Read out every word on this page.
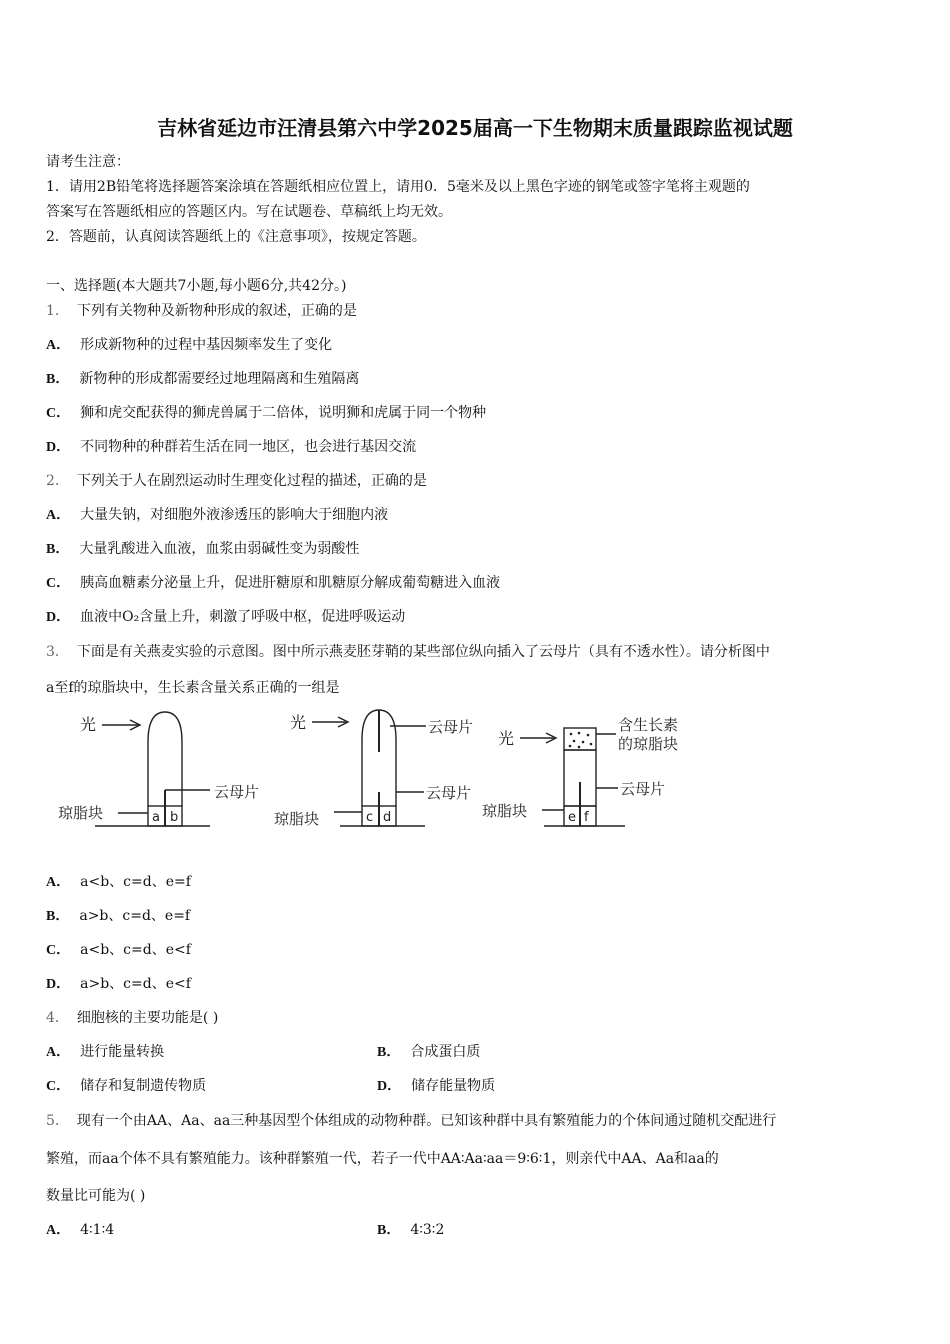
吉林省延边市汪清县第六中学2025届高一下生物期末质量跟踪监视试题
请考生注意：
1．请用2B铅笔将选择题答案涂填在答题纸相应位置上，请用0．5毫米及以上黑色字迹的钢笔或签字笔将主观题的
答案写在答题纸相应的答题区内。写在试题卷、草稿纸上均无效。
2．答题前，认真阅读答题纸上的《注意事项》，按规定答题。
一、选择题(本大题共7小题,每小题6分,共42分。)
1． 下列有关物种及新物种形成的叙述，正确的是
A． 形成新物种的过程中基因频率发生了变化
B． 新物种的形成都需要经过地理隔离和生殖隔离
C． 狮和虎交配获得的狮虎兽属于二倍体，说明狮和虎属于同一个物种
D． 不同物种的种群若生活在同一地区，也会进行基因交流
2． 下列关于人在剧烈运动时生理变化过程的描述，正确的是
A． 大量失钠，对细胞外液渗透压的影响大于细胞内液
B． 大量乳酸进入血液，血浆由弱碱性变为弱酸性
C． 胰高血糖素分泌量上升，促进肝糖原和肌糖原分解成葡萄糖进入血液
D． 血液中O₂含量上升，刺激了呼吸中枢，促进呼吸运动
3． 下面是有关燕麦实验的示意图。图中所示燕麦胚芽鞘的某些部位纵向插入了云母片（具有不透水性）。请分析图中
a至f的琼脂块中，生长素含量关系正确的一组是
光
云母片
琼脂块	a b
光	云母片
云母片
琼脂块	c d
光
含生长素
的琼脂块
云母片
琼脂块	e f
A． a<b、c=d、e=f
B． a>b、c=d、e=f
C． a<b、c=d、e<f
D． a>b、c=d、e<f
4． 细胞核的主要功能是( )
A． 进行能量转换	B． 合成蛋白质
C． 储存和复制遗传物质	D． 储存能量物质
5． 现有一个由AA、Aa、aa三种基因型个体组成的动物种群。已知该种群中具有繁殖能力的个体间通过随机交配进行
繁殖，而aa个体不具有繁殖能力。该种群繁殖一代，若子一代中AA∶Aa∶aa＝9∶6∶1，则亲代中AA、Aa和aa的
数量比可能为( )
A． 4∶1∶4	B． 4∶3∶2
